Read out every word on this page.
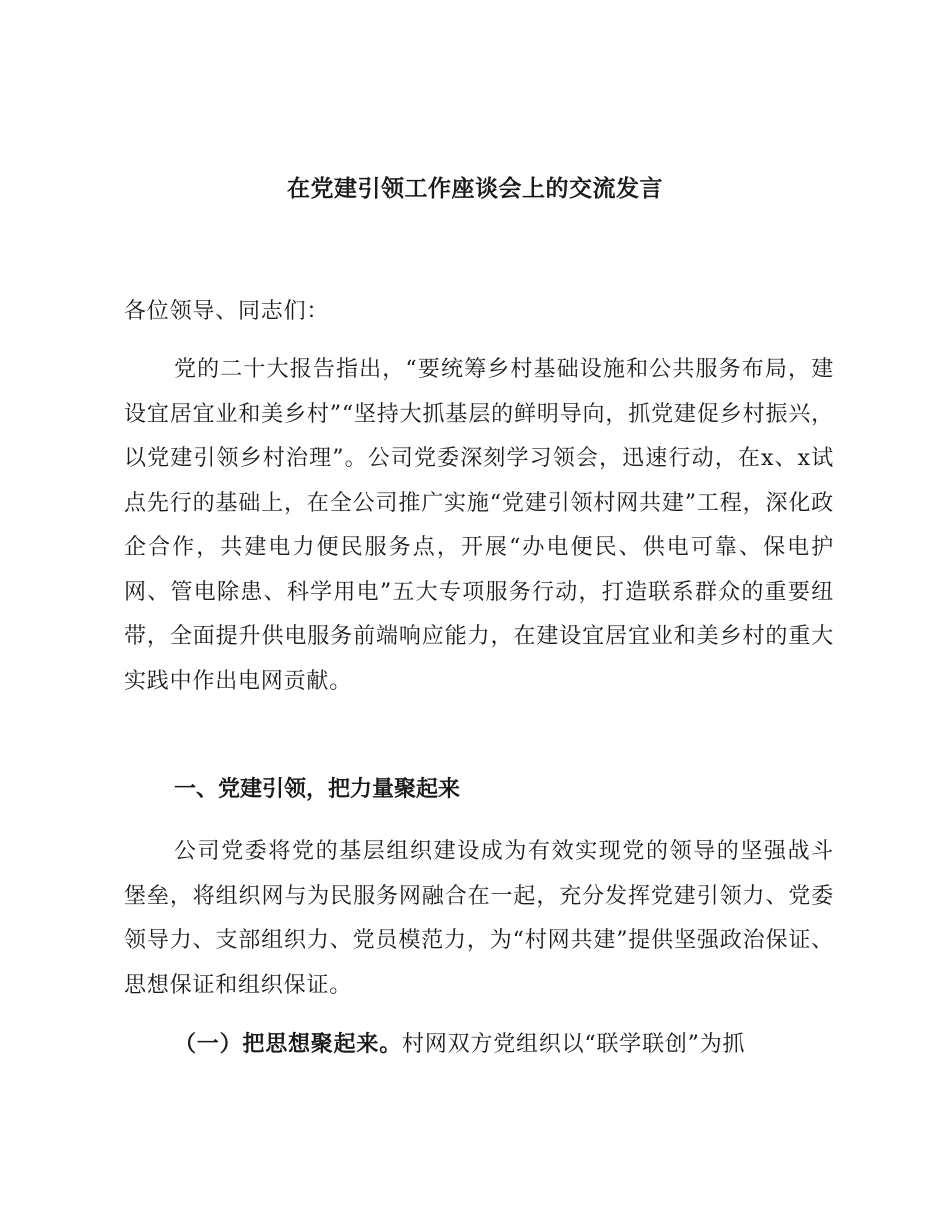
在党建引领工作座谈会上的交流发言
各位领导、同志们：
党的二十大报告指出，“要统筹乡村基础设施和公共服务布局，建设宜居宜业和美乡村”“坚持大抓基层的鲜明导向，抓党建促乡村振兴，以党建引领乡村治理”。公司党委深刻学习领会，迅速行动，在x、x试点先行的基础上，在全公司推广实施“党建引领村网共建”工程，深化政企合作，共建电力便民服务点，开展“办电便民、供电可靠、保电护网、管电除患、科学用电”五大专项服务行动，打造联系群众的重要纽带，全面提升供电服务前端响应能力，在建设宜居宜业和美乡村的重大实践中作出电网贡献。
一、党建引领，把力量聚起来
公司党委将党的基层组织建设成为有效实现党的领导的坚强战斗堡垒，将组织网与为民服务网融合在一起，充分发挥党建引领力、党委领导力、支部组织力、党员模范力，为“村网共建”提供坚强政治保证、思想保证和组织保证。
（一）把思想聚起来。村网双方党组织以“联学联创”为抓
